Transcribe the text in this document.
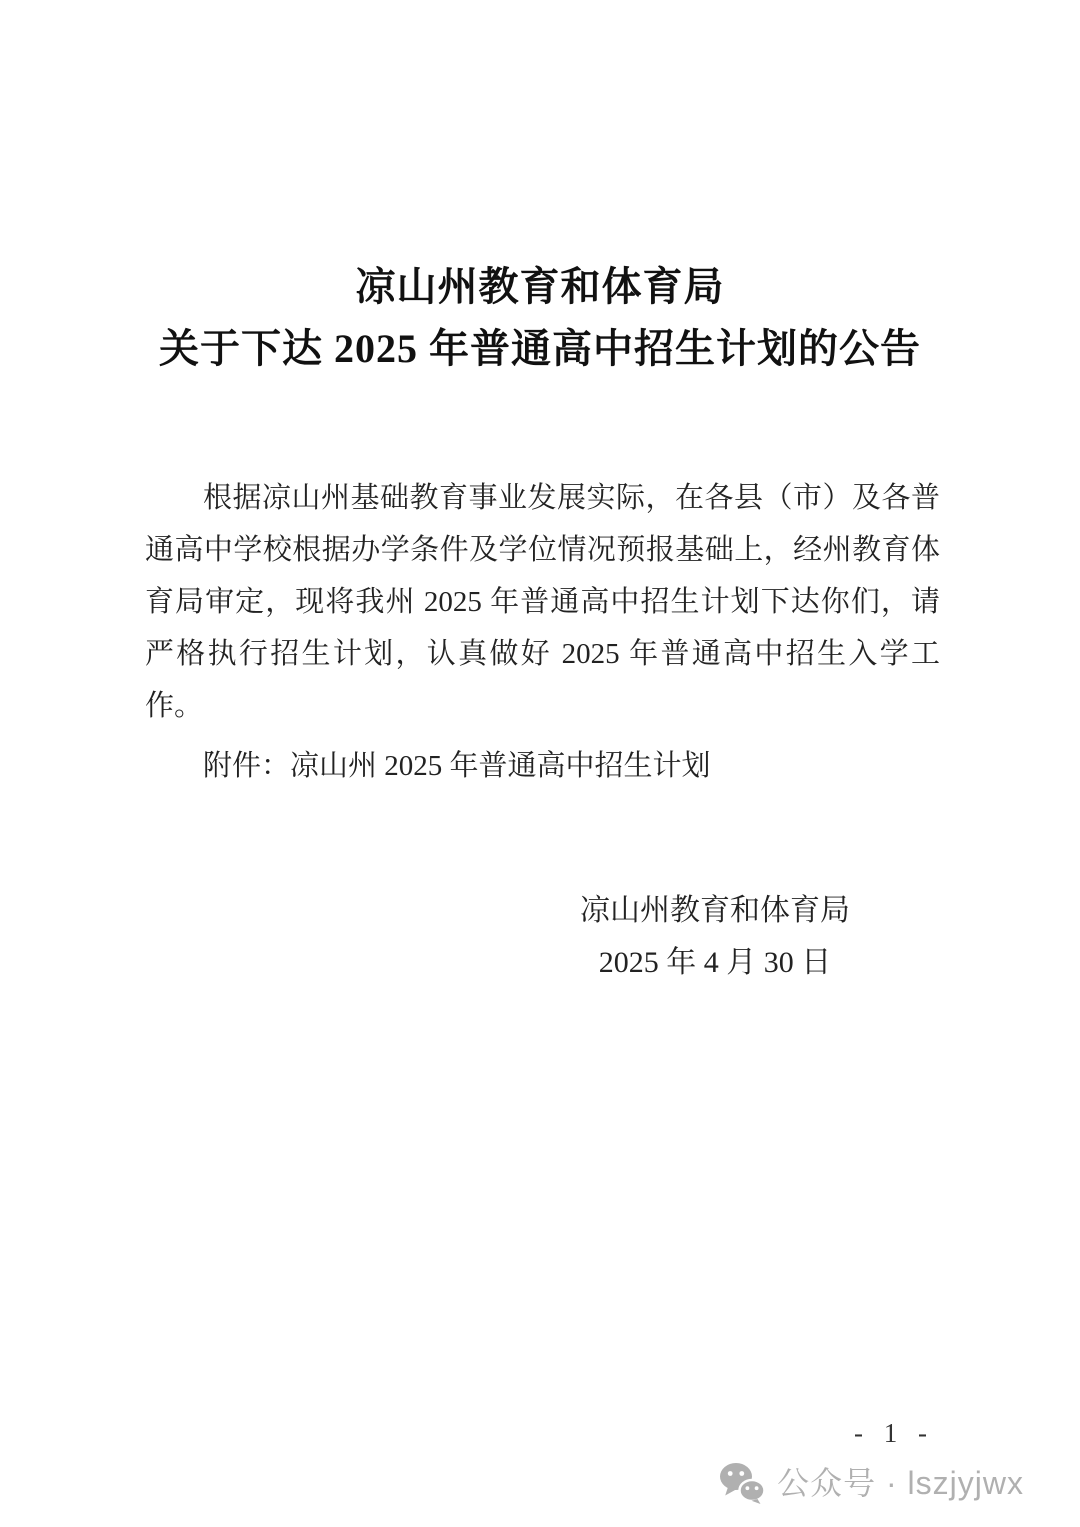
凉山州教育和体育局
关于下达 2025 年普通高中招生计划的公告

根据凉山州基础教育事业发展实际，在各县（市）及各普通高中学校根据办学条件及学位情况预报基础上，经州教育体育局审定，现将我州 2025 年普通高中招生计划下达你们，请严格执行招生计划，认真做好 2025 年普通高中招生入学工作。

附件：凉山州 2025 年普通高中招生计划

凉山州教育和体育局
2025 年 4 月 30 日
- 1 -
公众号 · lszjyjwx
